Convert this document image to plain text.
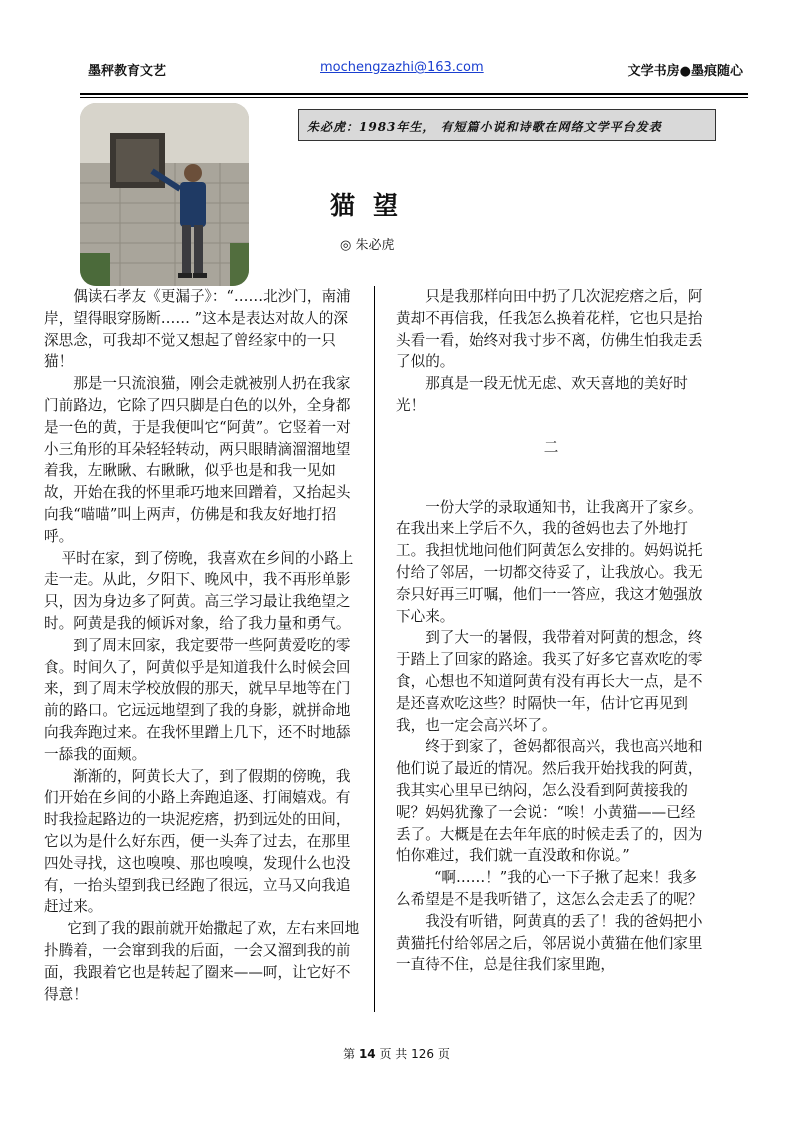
墨秤教育文艺	mochengzazhi@163.com	文学书房●墨痕随心
朱必虎：1983年生， 有短篇小说和诗歌在网络文学平台发表
猫望
◎ 朱必虎

偶读石孝友《更漏子》：“……北沙门，南浦岸，望得眼穿肠断…… ”这本是表达对故人的深深思念，可我却不觉又想起了曾经家中的一只猫！

那是一只流浪猫，刚会走就被别人扔在我家门前路边，它除了四只脚是白色的以外，全身都是一色的黄，于是我便叫它“阿黄”。它竖着一对小三角形的耳朵轻轻转动，两只眼睛滴溜溜地望着我，左瞅瞅、右瞅瞅，似乎也是和我一见如故，开始在我的怀里乖巧地来回蹭着，又抬起头向我“喵喵”叫上两声，仿佛是和我友好地打招呼。

平时在家，到了傍晚，我喜欢在乡间的小路上走一走。从此，夕阳下、晚风中，我不再形单影只，因为身边多了阿黄。高三学习最让我绝望之时。阿黄是我的倾诉对象，给了我力量和勇气。

到了周末回家，我定要带一些阿黄爱吃的零食。时间久了，阿黄似乎是知道我什么时候会回来，到了周末学校放假的那天，就早早地等在门前的路口。它远远地望到了我的身影，就拼命地向我奔跑过来。在我怀里蹭上几下，还不时地舔一舔我的面颊。

渐渐的，阿黄长大了，到了假期的傍晚，我们开始在乡间的小路上奔跑追逐、打闹嬉戏。有时我捡起路边的一块泥疙瘩，扔到远处的田间，它以为是什么好东西，便一头奔了过去，在那里四处寻找，这也嗅嗅、那也嗅嗅，发现什么也没有，一抬头望到我已经跑了很远，立马又向我追赶过来。

它到了我的跟前就开始撒起了欢，左右来回地扑腾着，一会窜到我的后面，一会又溜到我的前面，我跟着它也是转起了圈来——呵，让它好不得意！

只是我那样向田中扔了几次泥疙瘩之后，阿黄却不再信我，任我怎么换着花样，它也只是抬头看一看，始终对我寸步不离，仿佛生怕我走丢了似的。

那真是一段无忧无虑、欢天喜地的美好时光！

二

一份大学的录取通知书，让我离开了家乡。在我出来上学后不久，我的爸妈也去了外地打工。我担忧地问他们阿黄怎么安排的。妈妈说托付给了邻居，一切都交待妥了，让我放心。我无奈只好再三叮嘱，他们一一答应，我这才勉强放下心来。

到了大一的暑假，我带着对阿黄的想念，终于踏上了回家的路途。我买了好多它喜欢吃的零食，心想也不知道阿黄有没有再长大一点，是不是还喜欢吃这些？时隔快一年，估计它再见到我，也一定会高兴坏了。

终于到家了，爸妈都很高兴，我也高兴地和他们说了最近的情况。然后我开始找我的阿黄，我其实心里早已纳闷，怎么没看到阿黄接我的呢？妈妈犹豫了一会说：“唉！小黄猫——已经丢了。大概是在去年年底的时候走丢了的，因为怕你难过，我们就一直没敢和你说。”

“啊……！”我的心一下子揪了起来！我多么希望是不是我听错了，这怎么会走丢了的呢？

我没有听错，阿黄真的丢了！我的爸妈把小黄猫托付给邻居之后，邻居说小黄猫在他们家里一直待不住，总是往我们家里跑，

第 14 页 共 126 页
